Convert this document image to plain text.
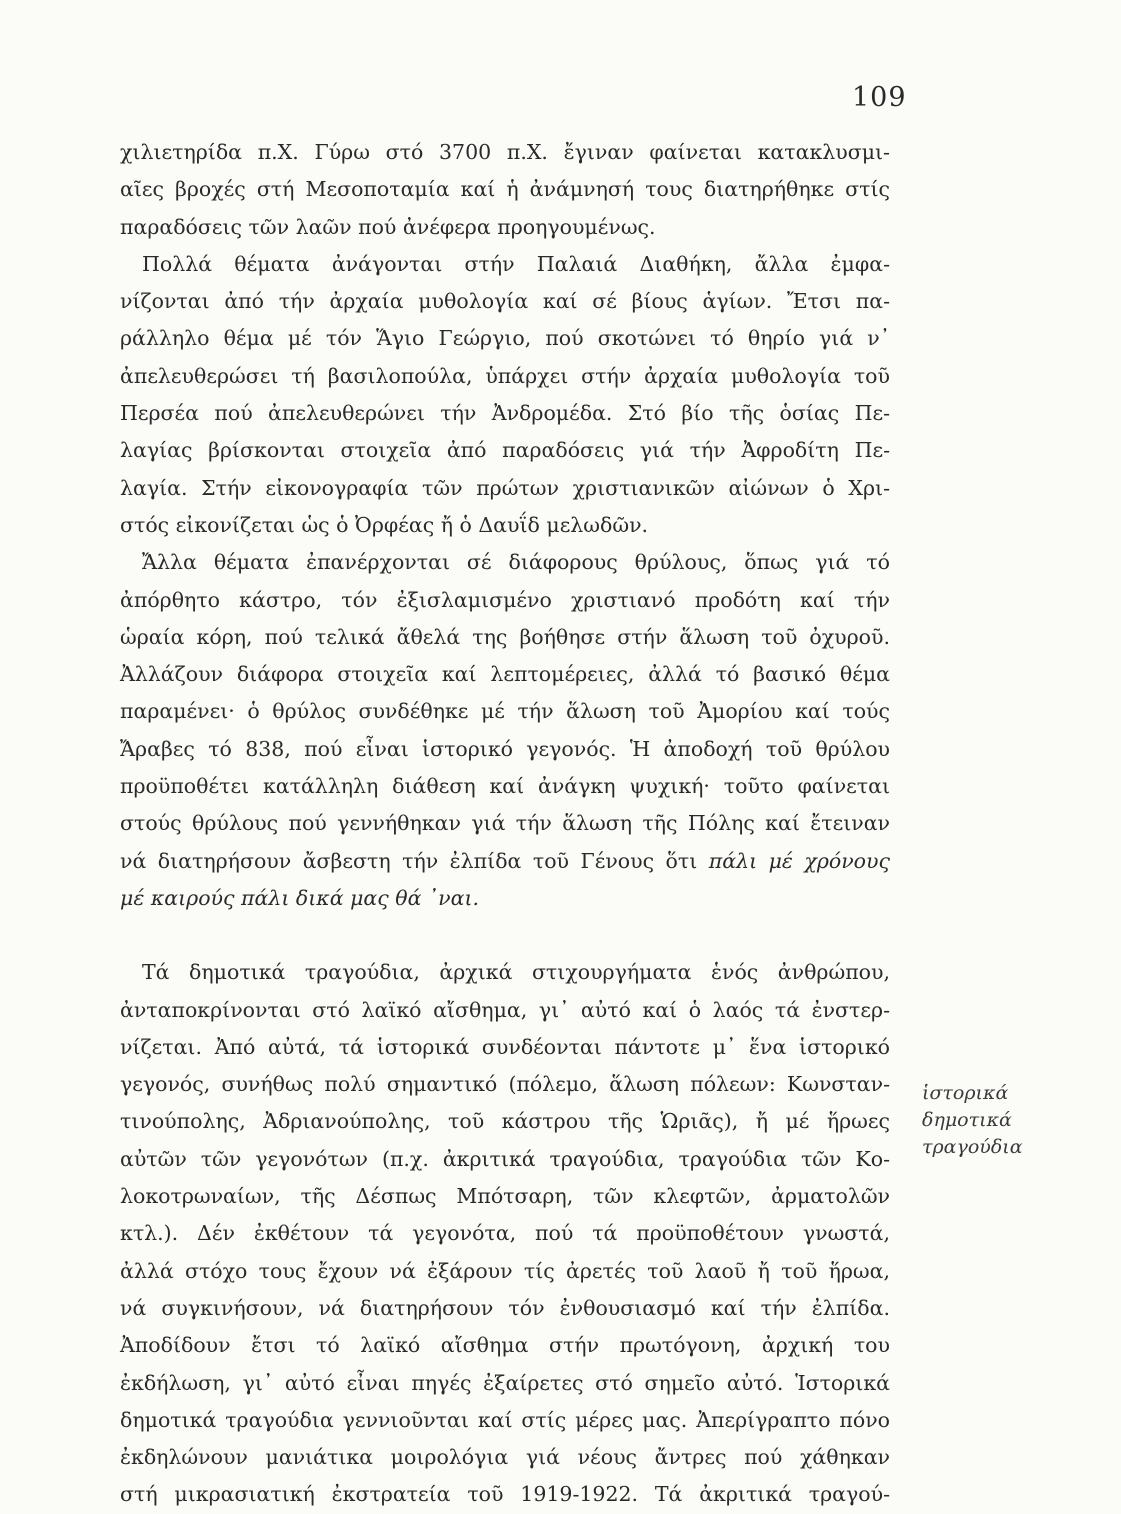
109
χιλιετηρίδα π.Χ. Γύρω στό 3700 π.Χ. ἔγιναν φαίνεται κατακλυσμι-
αῖες βροχές στή Μεσοποταμία καί ἡ ἀνάμνησή τους διατηρήθηκε στίς
παραδόσεις τῶν λαῶν πού ἀνέφερα προηγουμένως.
Πολλά θέματα ἀνάγονται στήν Παλαιά Διαθήκη, ἄλλα ἐμφα-
νίζονται ἀπό τήν ἀρχαία μυθολογία καί σέ βίους ἁγίων. Ἔτσι πα-
ράλληλο θέμα μέ τόν Ἅγιο Γεώργιο, πού σκοτώνει τό θηρίο γιά ν᾽
ἀπελευθερώσει τή βασιλοπούλα, ὑπάρχει στήν ἀρχαία μυθολογία τοῦ
Περσέα πού ἀπελευθερώνει τήν Ἀνδρομέδα. Στό βίο τῆς ὁσίας Πε-
λαγίας βρίσκονται στοιχεῖα ἀπό παραδόσεις γιά τήν Ἀφροδίτη Πε-
λαγία. Στήν εἰκονογραφία τῶν πρώτων χριστιανικῶν αἰώνων ὁ Χρι-
στός εἰκονίζεται ὡς ὁ Ὀρφέας ἤ ὁ Δαυΐδ μελωδῶν.
Ἄλλα θέματα ἐπανέρχονται σέ διάφορους θρύλους, ὅπως γιά τό
ἀπόρθητο κάστρο, τόν ἐξισλαμισμένο χριστιανό προδότη καί τήν
ὡραία κόρη, πού τελικά ἄθελά της βοήθησε στήν ἅλωση τοῦ ὀχυροῦ.
Ἀλλάζουν διάφορα στοιχεῖα καί λεπτομέρειες, ἀλλά τό βασικό θέμα
παραμένει· ὁ θρύλος συνδέθηκε μέ τήν ἅλωση τοῦ Ἀμορίου καί τούς
Ἄραβες τό 838, πού εἶναι ἱστορικό γεγονός. Ἡ ἀποδοχή τοῦ θρύλου
προϋποθέτει κατάλληλη διάθεση καί ἀνάγκη ψυχική· τοῦτο φαίνεται
στούς θρύλους πού γεννήθηκαν γιά τήν ἅλωση τῆς Πόλης καί ἔτειναν
νά διατηρήσουν ἄσβεστη τήν ἐλπίδα τοῦ Γένους ὅτι πάλι μέ χρόνους
μέ καιρούς πάλι δικά μας θά ᾽ναι.
Τά δημοτικά τραγούδια, ἀρχικά στιχουργήματα ἑνός ἀνθρώπου,
ἀνταποκρίνονται στό λαϊκό αἴσθημα, γι᾽ αὐτό καί ὁ λαός τά ἐνστερ-
νίζεται. Ἀπό αὐτά, τά ἱστορικά συνδέονται πάντοτε μ᾽ ἕνα ἱστορικό
γεγονός, συνήθως πολύ σημαντικό (πόλεμο, ἅλωση πόλεων: Κωνσταν-
τινούπολης, Ἀδριανούπολης, τοῦ κάστρου τῆς Ὡριᾶς), ἤ μέ ἥρωες
αὐτῶν τῶν γεγονότων (π.χ. ἀκριτικά τραγούδια, τραγούδια τῶν Κο-
λοκοτρωναίων, τῆς Δέσπως Μπότσαρη, τῶν κλεφτῶν, ἀρματολῶν
κτλ.). Δέν ἐκθέτουν τά γεγονότα, πού τά προϋποθέτουν γνωστά,
ἀλλά στόχο τους ἔχουν νά ἐξάρουν τίς ἀρετές τοῦ λαοῦ ἤ τοῦ ἥρωα,
νά συγκινήσουν, νά διατηρήσουν τόν ἐνθουσιασμό καί τήν ἐλπίδα.
Ἀποδίδουν ἔτσι τό λαϊκό αἴσθημα στήν πρωτόγονη, ἀρχική του
ἐκδήλωση, γι᾽ αὐτό εἶναι πηγές ἐξαίρετες στό σημεῖο αὐτό. Ἱστορικά
δημοτικά τραγούδια γεννιοῦνται καί στίς μέρες μας. Ἀπερίγραπτο πόνο
ἐκδηλώνουν μανιάτικα μοιρολόγια γιά νέους ἄντρες πού χάθηκαν
στή μικρασιατική ἐκστρατεία τοῦ 1919-1922. Τά ἀκριτικά τραγού-
ἱστορικά
δημοτικά
τραγούδια
